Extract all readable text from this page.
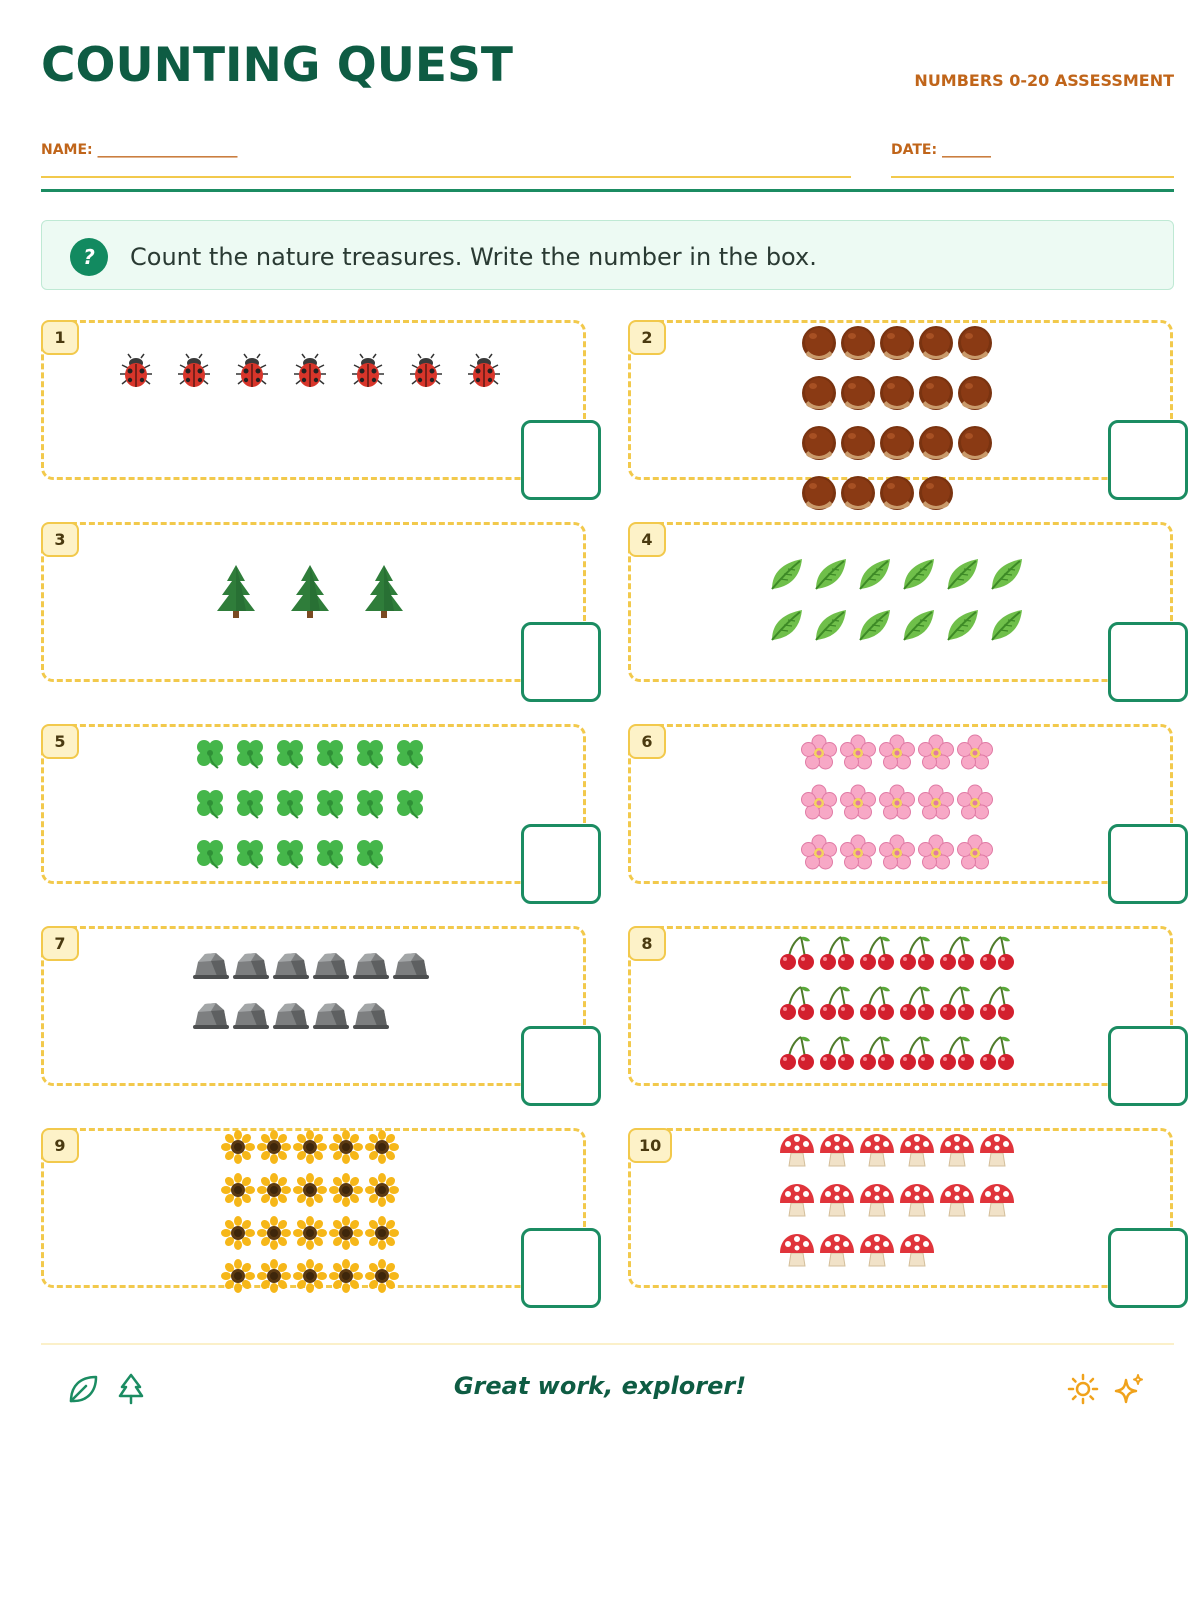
COUNTING QUEST	NUMBERS 0-20 ASSESSMENT
NAME: ____________________	DATE: _______
?	Count the nature treasures. Write the number in the box.
1	2
3	4
5	6
7	8
9	10
Great work, explorer!
